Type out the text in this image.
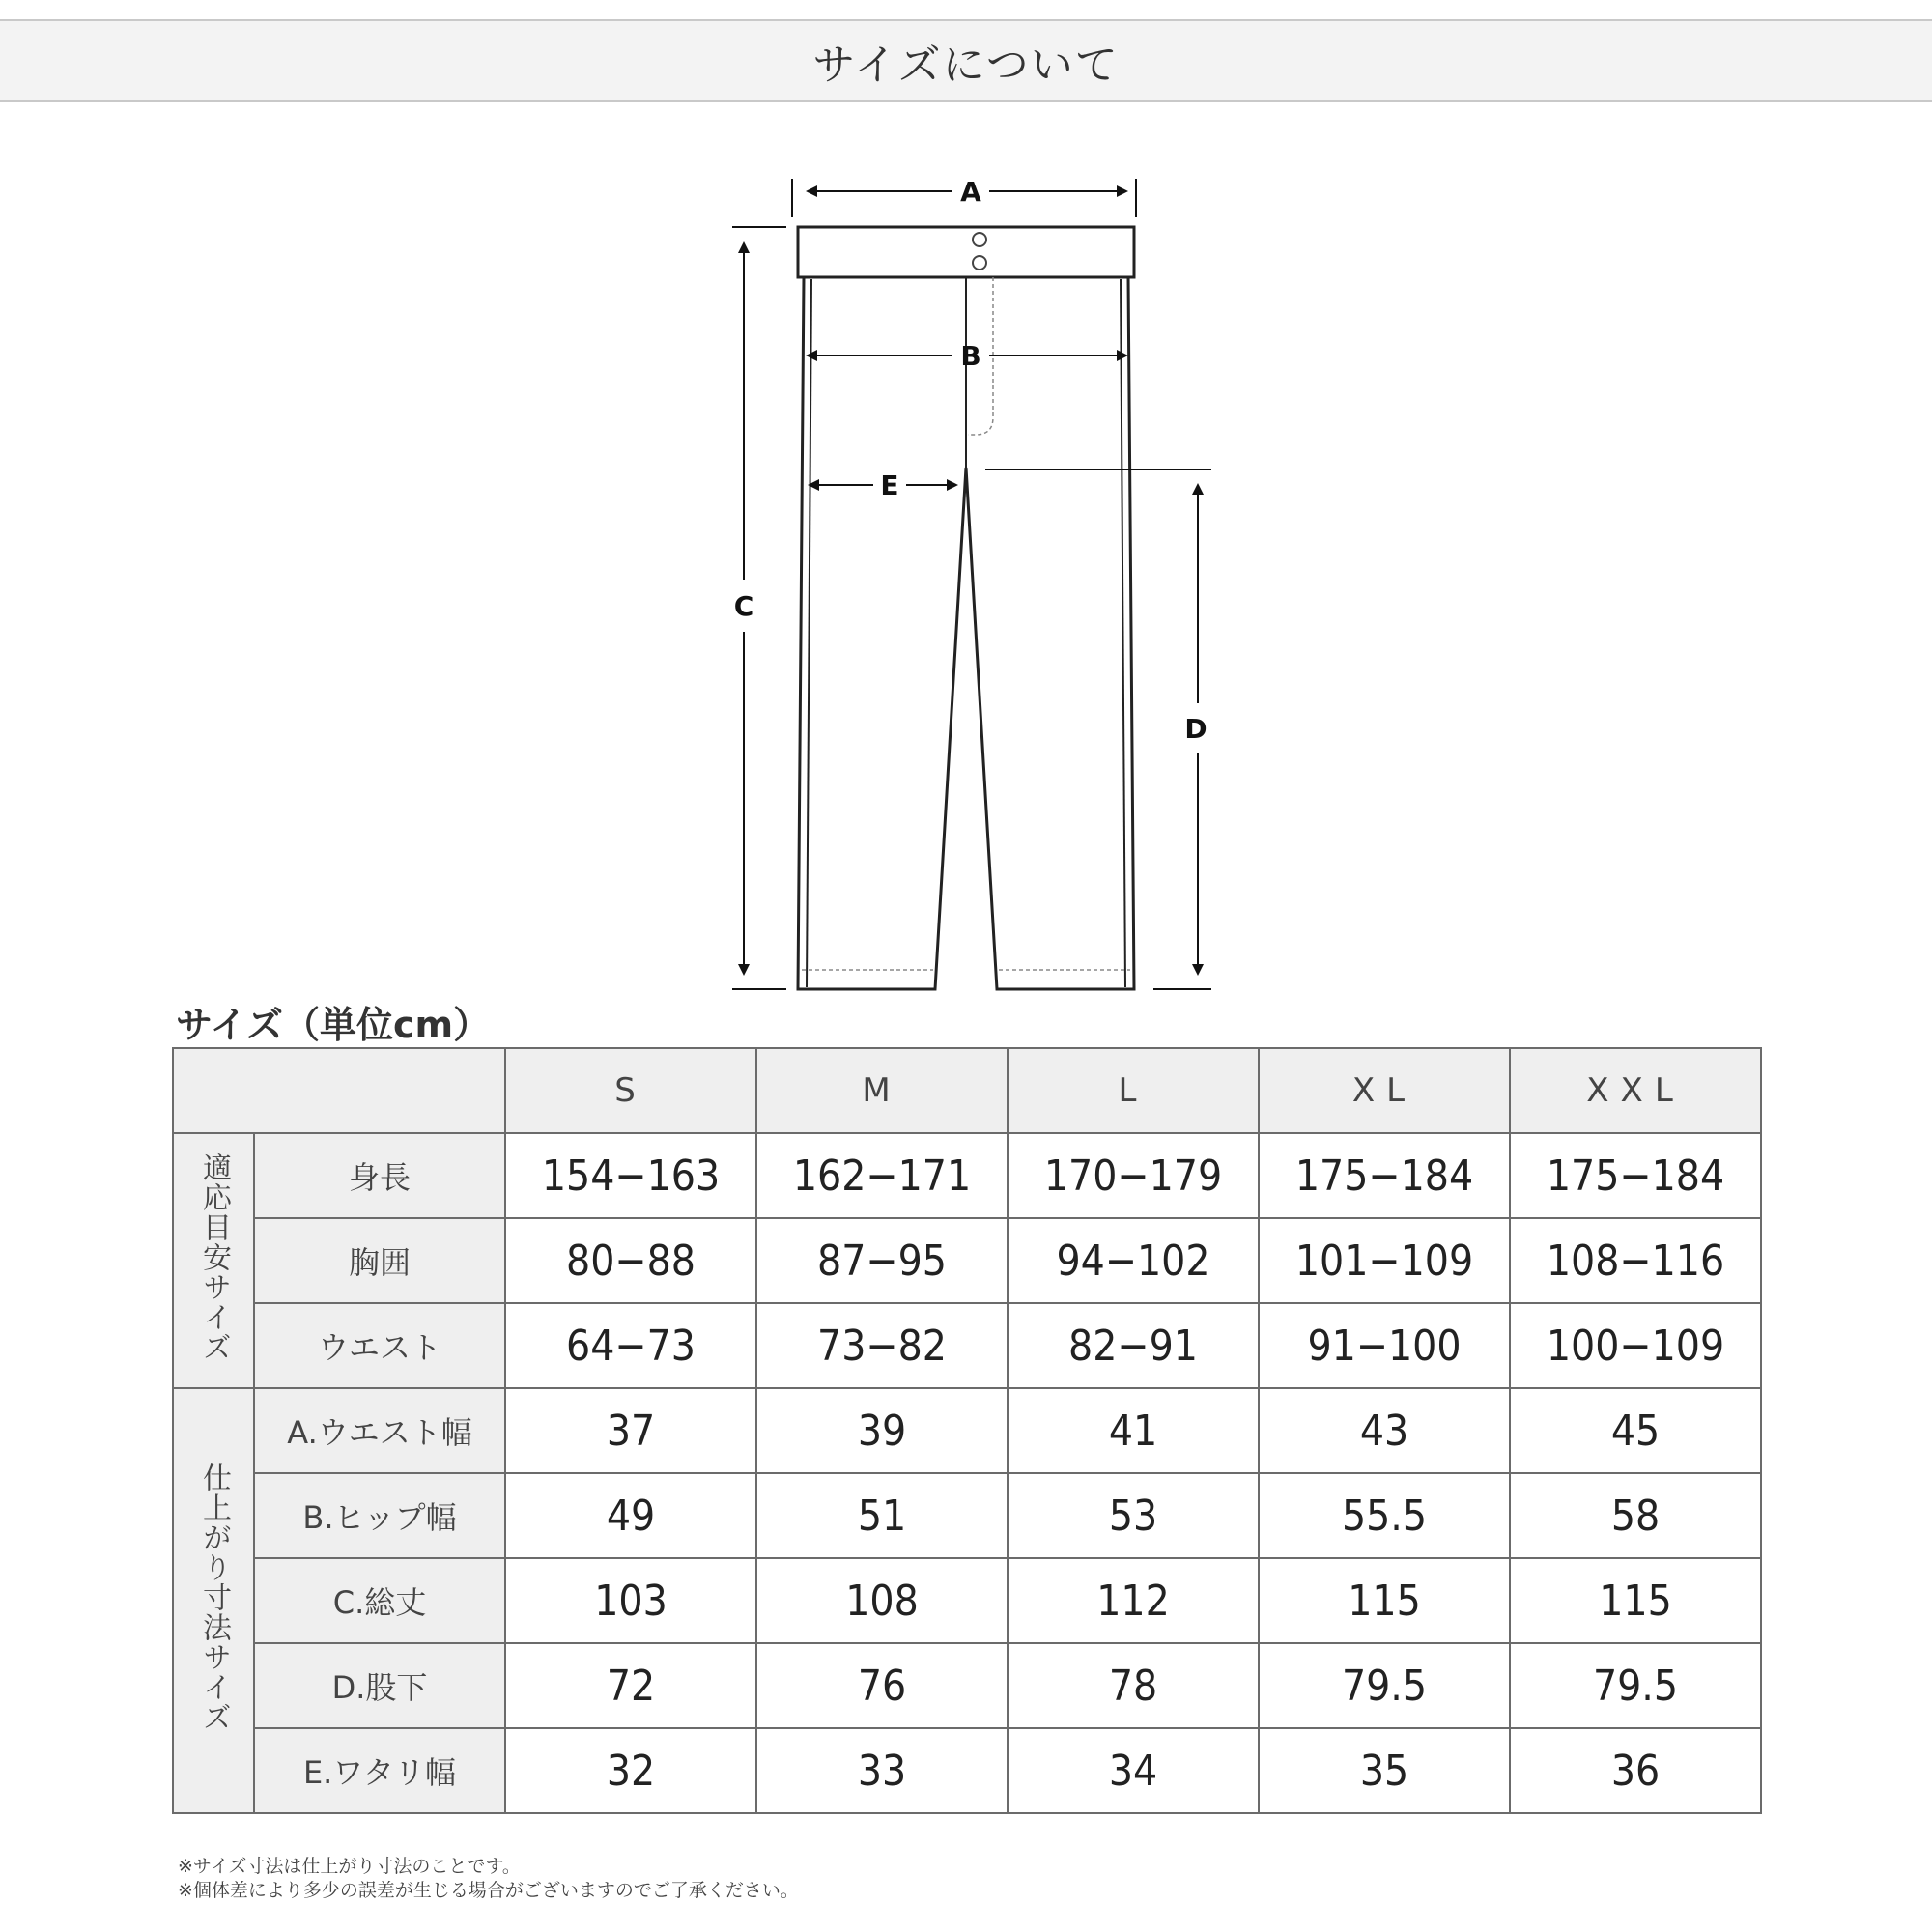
サイズについて
A
B
C
D
E
サイズ（単位cm）
		S	M	L	XL	XXL
適応目安サイズ	身長	154−163	162−171	170−179	175−184	175−184
	胸囲	80−88	87−95	94−102	101−109	108−116
	ウエスト	64−73	73−82	82−91	91−100	100−109
仕上がり寸法サイズ	A.ウエスト幅	37	39	41	43	45
	B.ヒップ幅	49	51	53	55.5	58
	C.総丈	103	108	112	115	115
	D.股下	72	76	78	79.5	79.5
	E.ワタリ幅	32	33	34	35	36
※サイズ寸法は仕上がり寸法のことです。
※個体差により多少の誤差が生じる場合がございますのでご了承ください。
